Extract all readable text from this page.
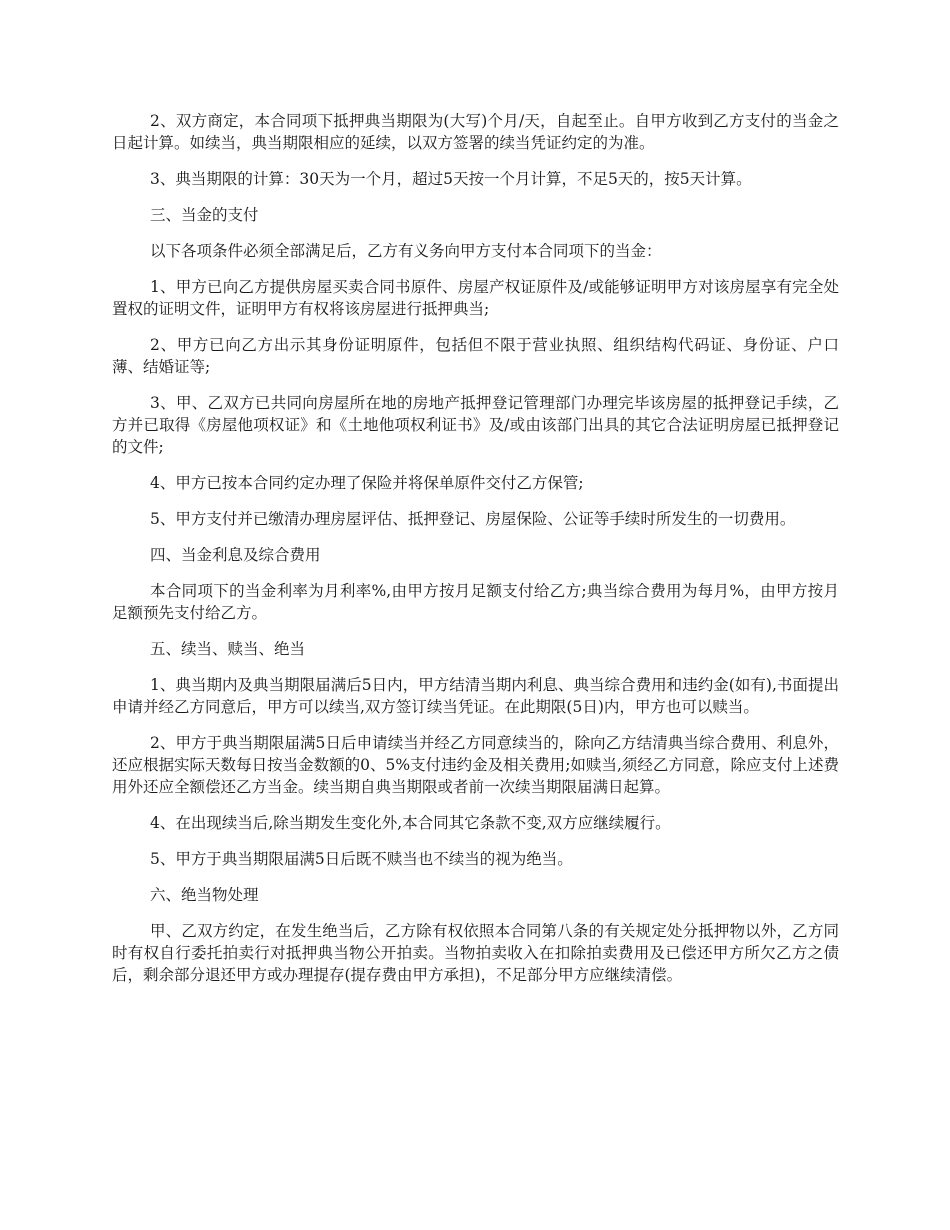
2、双方商定，本合同项下抵押典当期限为(大写)个月/天，自起至止。自甲方收到乙方支付的当金之日起计算。如续当，典当期限相应的延续，以双方签署的续当凭证约定的为准。

3、典当期限的计算：30天为一个月，超过5天按一个月计算，不足5天的，按5天计算。

三、当金的支付

以下各项条件必须全部满足后，乙方有义务向甲方支付本合同项下的当金：

1、甲方已向乙方提供房屋买卖合同书原件、房屋产权证原件及/或能够证明甲方对该房屋享有完全处置权的证明文件，证明甲方有权将该房屋进行抵押典当;

2、甲方已向乙方出示其身份证明原件，包括但不限于营业执照、组织结构代码证、身份证、户口薄、结婚证等;

3、甲、乙双方已共同向房屋所在地的房地产抵押登记管理部门办理完毕该房屋的抵押登记手续，乙方并已取得《房屋他项权证》和《土地他项权利证书》及/或由该部门出具的其它合法证明房屋已抵押登记的文件;

4、甲方已按本合同约定办理了保险并将保单原件交付乙方保管;

5、甲方支付并已缴清办理房屋评估、抵押登记、房屋保险、公证等手续时所发生的一切费用。

四、当金利息及综合费用

本合同项下的当金利率为月利率%,由甲方按月足额支付给乙方;典当综合费用为每月%，由甲方按月足额预先支付给乙方。

五、续当、赎当、绝当

1、典当期内及典当期限届满后5日内，甲方结清当期内利息、典当综合费用和违约金(如有),书面提出申请并经乙方同意后，甲方可以续当,双方签订续当凭证。在此期限(5日)内，甲方也可以赎当。

2、甲方于典当期限届满5日后申请续当并经乙方同意续当的，除向乙方结清典当综合费用、利息外，还应根据实际天数每日按当金数额的0、5%支付违约金及相关费用;如赎当,须经乙方同意，除应支付上述费用外还应全额偿还乙方当金。续当期自典当期限或者前一次续当期限届满日起算。

4、在出现续当后,除当期发生变化外,本合同其它条款不变,双方应继续履行。

5、甲方于典当期限届满5日后既不赎当也不续当的视为绝当。

六、绝当物处理

甲、乙双方约定，在发生绝当后，乙方除有权依照本合同第八条的有关规定处分抵押物以外，乙方同时有权自行委托拍卖行对抵押典当物公开拍卖。当物拍卖收入在扣除拍卖费用及已偿还甲方所欠乙方之债后，剩余部分退还甲方或办理提存(提存费由甲方承担)，不足部分甲方应继续清偿。
